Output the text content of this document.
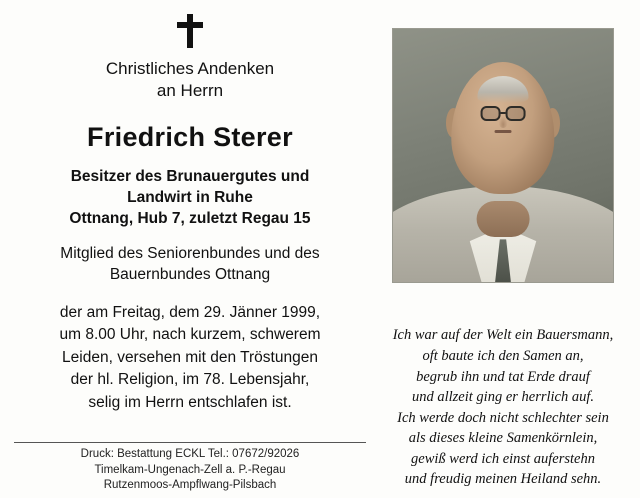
Christliches Andenken
an Herrn
Friedrich Sterer
Besitzer des Brunauergutes und
Landwirt in Ruhe
Ottnang, Hub 7, zuletzt Regau 15
Mitglied des Seniorenbundes und des
Bauernbundes Ottnang
der am Freitag, dem 29. Jänner 1999,
um 8.00 Uhr, nach kurzem, schwerem
Leiden, versehen mit den Tröstungen
der hl. Religion, im 78. Lebensjahr,
selig im Herrn entschlafen ist.
Druck: Bestattung ECKL Tel.: 07672/92026
Timelkam-Ungenach-Zell a. P.-Regau
Rutzenmoos-Ampflwang-Pilsbach
Ich war auf der Welt ein Bauersmann,
oft baute ich den Samen an,
begrub ihn und tat Erde drauf
und allzeit ging er herrlich auf.
Ich werde doch nicht schlechter sein
als dieses kleine Samenkörnlein,
gewiß werd ich einst auferstehn
und freudig meinen Heiland sehn.
